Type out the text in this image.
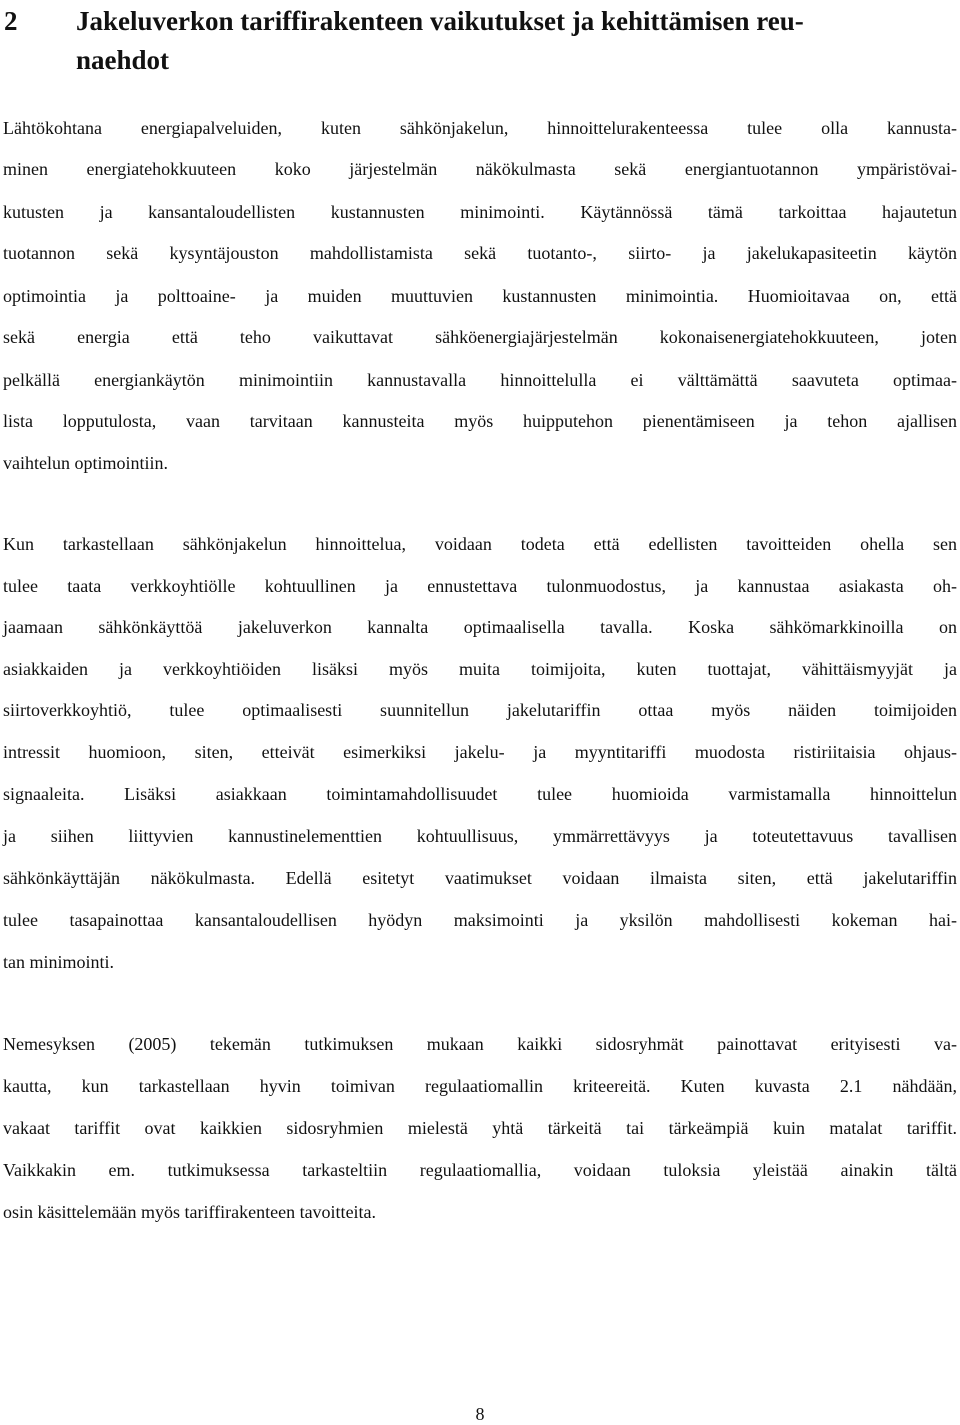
2 Jakeluverkon tariffirakenteen vaikutukset ja kehittämisen reu-
naehdot
Lähtökohtana energiapalveluiden, kuten sähkönjakelun, hinnoittelurakenteessa tulee olla kannusta-
minen energiatehokkuuteen koko järjestelmän näkökulmasta sekä energiantuotannon ympäristövai-
kutusten ja kansantaloudellisten kustannusten minimointi. Käytännössä tämä tarkoittaa hajautetun
tuotannon sekä kysyntäjouston mahdollistamista sekä tuotanto-, siirto- ja jakelukapasiteetin käytön
optimointia ja polttoaine- ja muiden muuttuvien kustannusten minimointia. Huomioitavaa on, että
sekä energia että teho vaikuttavat sähköenergiajärjestelmän kokonaisenergiatehokkuuteen, joten
pelkällä energiankäytön minimointiin kannustavalla hinnoittelulla ei välttämättä saavuteta optimaa-
lista lopputulosta, vaan tarvitaan kannusteita myös huipputehon pienentämiseen ja tehon ajallisen
vaihtelun optimointiin.
Kun tarkastellaan sähkönjakelun hinnoittelua, voidaan todeta että edellisten tavoitteiden ohella sen
tulee taata verkkoyhtiölle kohtuullinen ja ennustettava tulonmuodostus, ja kannustaa asiakasta oh-
jaamaan sähkönkäyttöä jakeluverkon kannalta optimaalisella tavalla. Koska sähkömarkkinoilla on
asiakkaiden ja verkkoyhtiöiden lisäksi myös muita toimijoita, kuten tuottajat, vähittäismyyjät ja
siirtoverkkoyhtiö, tulee optimaalisesti suunnitellun jakelutariffin ottaa myös näiden toimijoiden
intressit huomioon, siten, etteivät esimerkiksi jakelu- ja myyntitariffi muodosta ristiriitaisia ohjaus-
signaaleita. Lisäksi asiakkaan toimintamahdollisuudet tulee huomioida varmistamalla hinnoittelun
ja siihen liittyvien kannustinelementtien kohtuullisuus, ymmärrettävyys ja toteutettavuus tavallisen
sähkönkäyttäjän näkökulmasta. Edellä esitetyt vaatimukset voidaan ilmaista siten, että jakelutariffin
tulee tasapainottaa kansantaloudellisen hyödyn maksimointi ja yksilön mahdollisesti kokeman hai-
tan minimointi.
Nemesyksen (2005) tekemän tutkimuksen mukaan kaikki sidosryhmät painottavat erityisesti va-
kautta, kun tarkastellaan hyvin toimivan regulaatiomallin kriteereitä. Kuten kuvasta 2.1 nähdään,
vakaat tariffit ovat kaikkien sidosryhmien mielestä yhtä tärkeitä tai tärkeämpiä kuin matalat tariffit.
Vaikkakin em. tutkimuksessa tarkasteltiin regulaatiomallia, voidaan tuloksia yleistää ainakin tältä
osin käsittelemään myös tariffirakenteen tavoitteita.
8
